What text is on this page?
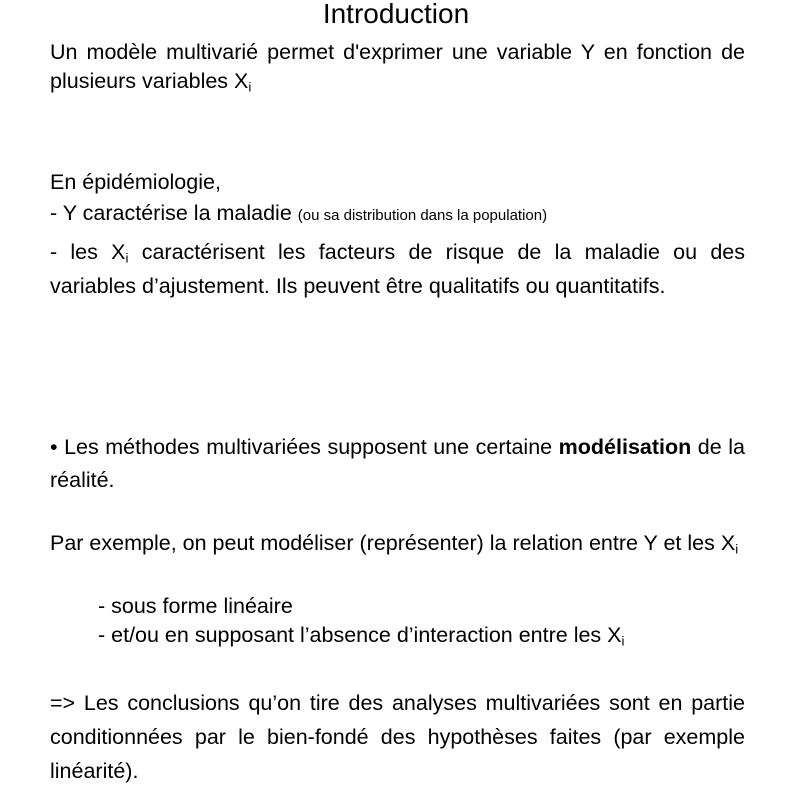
Introduction
Un modèle multivarié permet d'exprimer une variable Y en fonction de plusieurs variables $X_i$
En épidémiologie,
- Y caractérise la maladie (ou sa distribution dans la population)
- les $X_i$ caractérisent les facteurs de risque de la maladie ou des variables d’ajustement. Ils peuvent être qualitatifs ou quantitatifs.
• Les méthodes multivariées supposent une certaine modélisation de la réalité.
Par exemple, on peut modéliser (représenter) la relation entre Y et les $X_i$
- sous forme linéaire
- et/ou en supposant l’absence d’interaction entre les $X_i$
=> Les conclusions qu’on tire des analyses multivariées sont en partie conditionnées par le bien-fondé des hypothèses faites (par exemple linéarité).
